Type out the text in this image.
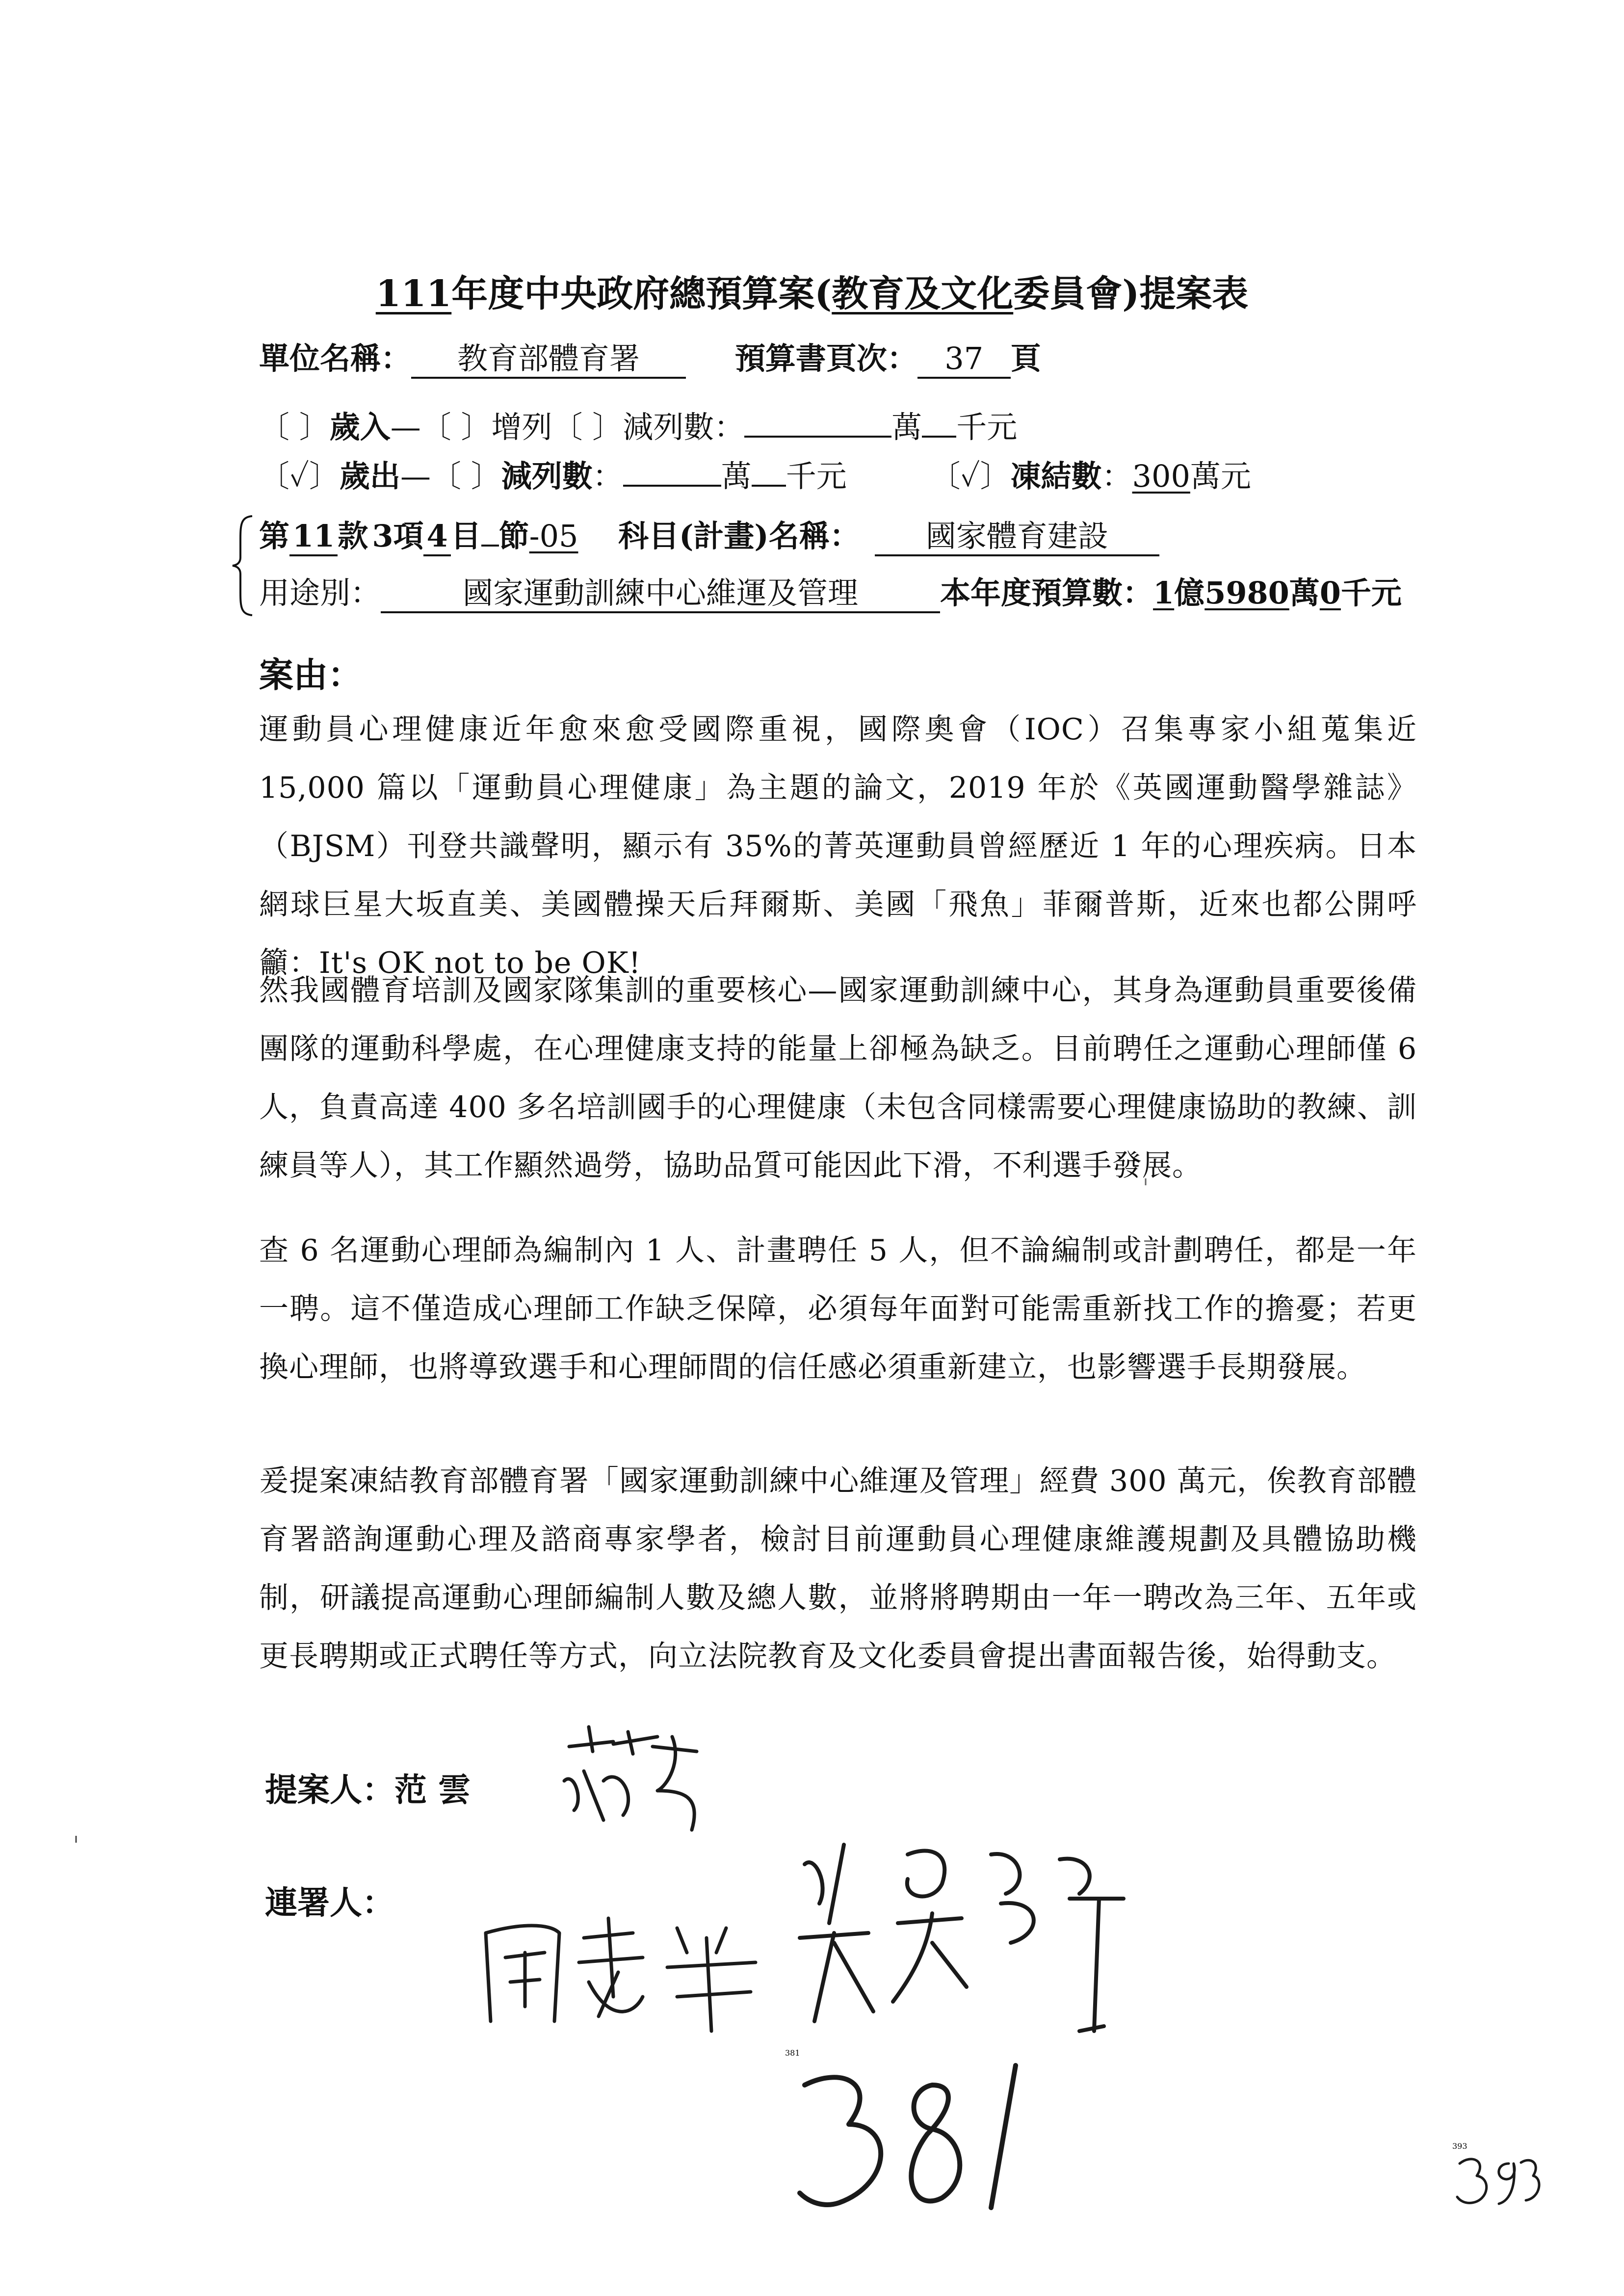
111年度中央政府總預算案(教育及文化委員會)提案表
單位名稱： 教育部體育署	預算書頁次： 37 頁
〔 〕歲入—〔 〕增列〔 〕減列數：	萬 千元
〔✓〕歲出—〔 〕減列數：	萬 千元	〔✓〕凍結數：300萬元
第11款 3項4目 節-05 科目(計畫)名稱： 國家體育建設
用途別：	國家運動訓練中心維運及管理	本年度預算數：1億5980萬0千元
案由：
運動員心理健康近年愈來愈受國際重視，國際奧會（IOC）召集專家小組蒐集近 15,000 篇以「運動員心理健康」為主題的論文，2019 年於《英國運動醫學雜誌》（BJSM）刊登共識聲明，顯示有 35%的菁英運動員曾經歷近 1 年的心理疾病。日本網球巨星大坂直美、美國體操天后拜爾斯、美國「飛魚」菲爾普斯，近來也都公開呼籲：It's OK not to be OK!
然我國體育培訓及國家隊集訓的重要核心—國家運動訓練中心，其身為運動員重要後備團隊的運動科學處，在心理健康支持的能量上卻極為缺乏。目前聘任之運動心理師僅 6 人，負責高達 400 多名培訓國手的心理健康（未包含同樣需要心理健康協助的教練、訓練員等人），其工作顯然過勞，協助品質可能因此下滑，不利選手發展。
查 6 名運動心理師為編制內 1 人、計畫聘任 5 人，但不論編制或計劃聘任，都是一年一聘。這不僅造成心理師工作缺乏保障，必須每年面對可能需重新找工作的擔憂；若更換心理師，也將導致選手和心理師間的信任感必須重新建立，也影響選手長期發展。
爰提案凍結教育部體育署「國家運動訓練中心維運及管理」經費 300 萬元，俟教育部體育署諮詢運動心理及諮商專家學者，檢討目前運動員心理健康維護規劃及具體協助機制，研議提高運動心理師編制人數及總人數，並將將聘期由一年一聘改為三年、五年或更長聘期或正式聘任等方式，向立法院教育及文化委員會提出書面報告後，始得動支。
提案人：范 雲
連署人：
381
393
